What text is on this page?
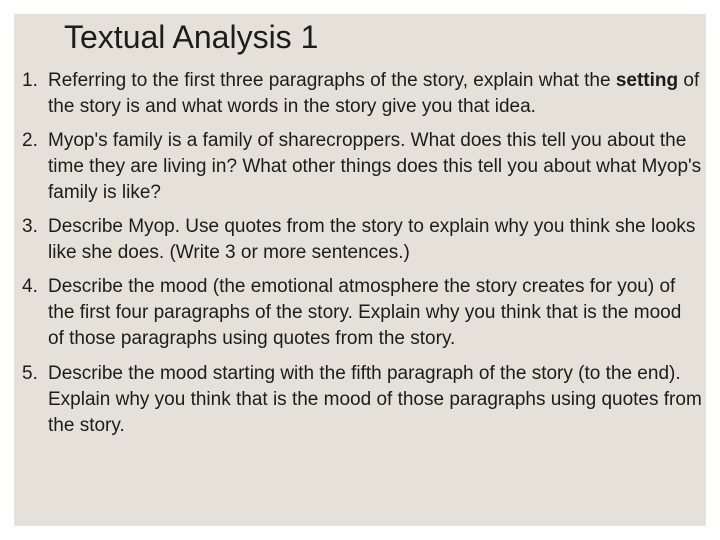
Textual Analysis 1
1. Referring to the first three paragraphs of the story, explain what the setting of the story is and what words in the story give you that idea.
2. Myop's family is a family of sharecroppers. What does this tell you about the time they are living in? What other things does this tell you about what Myop's family is like?
3. Describe Myop. Use quotes from the story to explain why you think she looks like she does. (Write 3 or more sentences.)
4. Describe the mood (the emotional atmosphere the story creates for you) of the first four paragraphs of the story. Explain why you think that is the mood of those paragraphs using quotes from the story.
5. Describe the mood starting with the fifth paragraph of the story (to the end). Explain why you think that is the mood of those paragraphs using quotes from the story.
